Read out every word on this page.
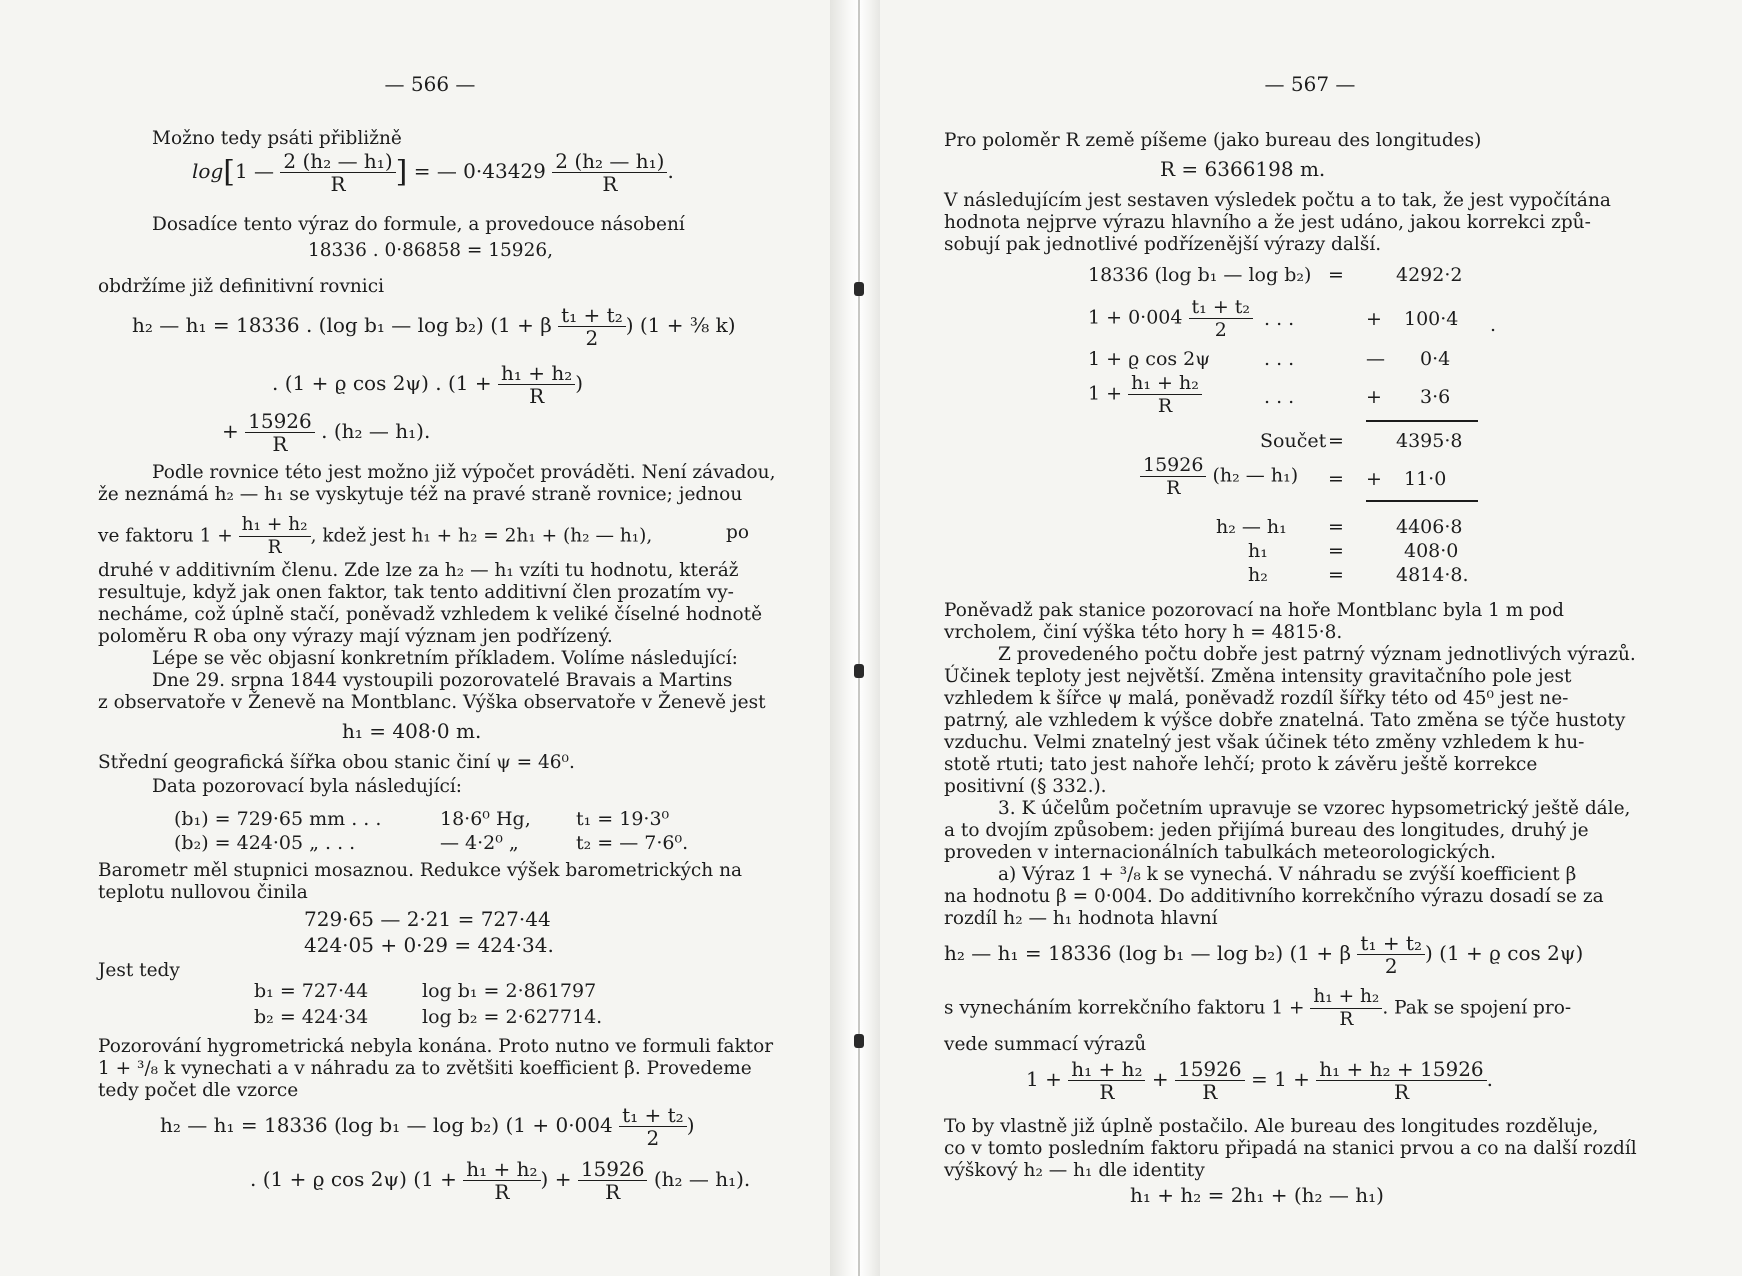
— 566 —
Možno tedy psáti přibližně
log[1 — $\frac{\text{2 (h₂ — h₁)}}{R}$ ] = — $0\cdot 43429 \frac{\text{2 (h₂ — h₁)}}{R}$ .
Dosadíce tento výraz do formule, a provedouce násobení
18336 . 0·86858 = 15926,
obdržíme již definitivní rovnici
h₂ — h₁ = 18336 . (log b₁ — log b₂) (1 + β $\frac{\text{t₁ + t₂}}{2}$ ) (1 + ⅜ k)
. (1 + ϱ cos 2ψ) . ($1 + \frac{\text{h₁ + h₂}}{R}$ )
+ $\frac{15926}{R}$ . (h₂ — h₁).
Podle rovnice této jest možno již výpočet prováděti. Není závadou,
že neznámá h₂ — h₁ se vyskytuje též na pravé straně rovnice; jednou
ve faktoru $1 + \frac{\text{h₁ + h₂}}{R}$ , kdež jest h₁ + h₂ = 2h₁ + (h₂ — h₁),	po
druhé v additivním členu. Zde lze za h₂ — h₁ vzíti tu hodnotu, kteráž
resultuje, když jak onen faktor, tak tento additivní člen prozatím vy-
necháme, což úplně stačí, poněvadž vzhledem k veliké číselné hodnotě
poloměru R oba ony výrazy mají význam jen podřízený.
Lépe se věc objasní konkretním příkladem. Volíme následující:
Dne 29. srpna 1844 vystoupili pozorovatelé Bravais a Martins
z observatoře v Ženevě na Montblanc. Výška observatoře v Ženevě jest
h₁ = 408·0 m.
Střední geografická šířka obou stanic činí ψ = 46⁰.
Data pozorovací byla následující:
(b₁) = 729·65 mm . . .	18·6⁰ Hg, t₁ = 19·3⁰
(b₂) = 424·05 „ . . .	— 4·2⁰ „	t₂ = — 7·6⁰.
Barometr měl stupnici mosaznou. Redukce výšek barometrických na
teplotu nullovou činila
729·65 — 2·21 = 727·44
424·05 + 0·29 = 424·34.
Jest tedy
b₁ = 727·44	log b₁ = 2·861797
b₂ = 424·34	log b₂ = 2·627714.
Pozorování hygrometrická nebyla konána. Proto nutno ve formuli faktor
1 + ³/₈ k vynechati a v náhradu za to zvětšiti koefficient β. Provedeme
tedy počet dle vzorce
h₂ — h₁ = 18336 (log b₁ — log b₂) ($1 + 0\cdot 004 \frac{\text{t₁ + t₂}}{2}$ )
. (1 + ϱ cos 2ψ) ($1 + \frac{\text{h₁ + h₂}}{R}$ ) + $\frac{15926}{R} (h_2$ — h₁).
— 567 —
Pro poloměr R země píšeme (jako bureau des longitudes)
R = 6366198 m.
V následujícím jest sestaven výsledek počtu a to tak, že jest vypočítána
hodnota nejprve výrazu hlavního a že jest udáno, jakou korrekci způ-
sobují pak jednotlivé podřízenější výrazy další.
18336 (log b₁ — log b₂) =	4292·2
$1 + 0\cdot 004 \frac{\text{t₁ + t₂}}{2}$ . . .	+ 100·4 .
1 + ϱ cos 2ψ	. . .	— 0·4
$1 + \frac{\text{h₁ + h₂}}{R}$	. . .	+ 3·6
Součet =	4395·8
$\frac{15926}{R} (h_2$ — h₁) = + 11·0
h₂ — h₁ =	4406·8
h₁	=	408·0
h₂	=	4814·8.
Poněvadž pak stanice pozorovací na hoře Montblanc byla 1 m pod
vrcholem, činí výška této hory h = 4815·8.
Z provedeného počtu dobře jest patrný význam jednotlivých výrazů.
Účinek teploty jest největší. Změna intensity gravitačního pole jest
vzhledem k šířce ψ malá, poněvadž rozdíl šířky této od 45⁰ jest ne-
patrný, ale vzhledem k výšce dobře znatelná. Tato změna se týče hustoty
vzduchu. Velmi znatelný jest však účinek této změny vzhledem k hu-
stotě rtuti; tato jest nahoře lehčí; proto k závěru ještě korrekce
positivní (§ 332.).
3. K účelům početním upravuje se vzorec hypsometrický ještě dále,
a to dvojím způsobem: jeden přijímá bureau des longitudes, druhý je
proveden v internacionálních tabulkách meteorologických.
a) Výraz 1 + ³/₈ k se vynechá. V náhradu se zvýší koefficient β
na hodnotu β = 0·004. Do additivního korrekčního výrazu dosadí se za
rozdíl h₂ — h₁ hodnota hlavní
h₂ — h₁ = 18336 (log b₁ — log b₂) (1 + β $\frac{\text{t₁ + t₂}}{2}$ ) (1 + ϱ cos 2ψ)
s vynecháním korrekčního faktoru $1 + \frac{\text{h₁ + h₂}}{R}$ . Pak se spojení pro-
vede summací výrazů
$1 + \frac{\text{h₁ + h₂}}{R} + \frac{15926}{R} = 1 + \frac{\text{h₁ + h₂ + 15926}}{R}$ .
To by vlastně již úplně postačilo. Ale bureau des longitudes rozděluje,
co v tomto posledním faktoru připadá na stanici prvou a co na další rozdíl
výškový h₂ — h₁ dle identity
h₁ + h₂ = 2h₁ + (h₂ — h₁)
